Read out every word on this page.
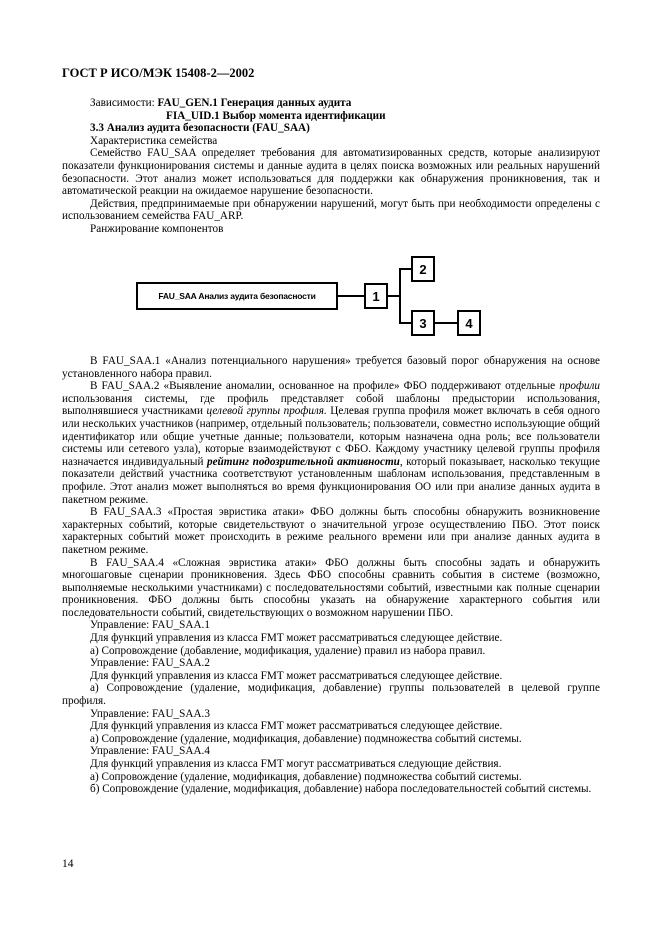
ГОСТ Р ИСО/МЭК 15408-2—2002

Зависимости: FAU_GEN.1 Генерация данных аудита

FIA_UID.1 Выбор момента идентификации

3.3 Анализ аудита безопасности (FAU_SAA)

Характеристика семейства

Семейство FAU_SAA определяет требования для автоматизированных средств, которые анализируют показатели функционирования системы и данные аудита в целях поиска возможных или реальных нарушений безопасности. Этот анализ может использоваться для поддержки как обнаружения проникновения, так и автоматической реакции на ожидаемое нарушение безопасности.

Действия, предпринимаемые при обнаружении нарушений, могут быть при необходимости определены с использованием семейства FAU_ARP.

Ранжирование компонентов

FAU_SAA Анализ аудита безопасности	1
2
3	4

В FAU_SAA.1 «Анализ потенциального нарушения» требуется базовый порог обнаружения на основе установленного набора правил.

В FAU_SAA.2 «Выявление аномалии, основанное на профиле» ФБО поддерживают отдельные профили использования системы, где профиль представляет собой шаблоны предыстории использования, выполнявшиеся участниками целевой группы профиля. Целевая группа профиля может включать в себя одного или нескольких участников (например, отдельный пользователь; пользователи, совместно использующие общий идентификатор или общие учетные данные; пользователи, которым назначена одна роль; все пользователи системы или сетевого узла), которые взаимодействуют с ФБО. Каждому участнику целевой группы профиля назначается индивидуальный рейтинг подозрительной активности, который показывает, насколько текущие показатели действий участника соответствуют установленным шаблонам использования, представленным в профиле. Этот анализ может выполняться во время функционирования ОО или при анализе данных аудита в пакетном режиме.

В FAU_SAA.3 «Простая эвристика атаки» ФБО должны быть способны обнаружить возникновение характерных событий, которые свидетельствуют о значительной угрозе осуществлению ПБО. Этот поиск характерных событий может происходить в режиме реального времени или при анализе данных аудита в пакетном режиме.

В FAU_SAA.4 «Сложная эвристика атаки» ФБО должны быть способны задать и обнаружить многошаговые сценарии проникновения. Здесь ФБО способны сравнить события в системе (возможно, выполняемые несколькими участниками) с последовательностями событий, известными как полные сценарии проникновения. ФБО должны быть способны указать на обнаружение характерного события или последовательности событий, свидетельствующих о возможном нарушении ПБО.

Управление: FAU_SAA.1

Для функций управления из класса FMT может рассматриваться следующее действие.

а) Сопровождение (добавление, модификация, удаление) правил из набора правил.

Управление: FAU_SAA.2

Для функций управления из класса FMT может рассматриваться следующее действие.

а) Сопровождение (удаление, модификация, добавление) группы пользователей в целевой группе профиля.

Управление: FAU_SAA.3

Для функций управления из класса FMT может рассматриваться следующее действие.

а) Сопровождение (удаление, модификация, добавление) подмножества событий системы.

Управление: FAU_SAA.4

Для функций управления из класса FMT могут рассматриваться следующие действия.

а) Сопровождение (удаление, модификация, добавление) подмножества событий системы.

б) Сопровождение (удаление, модификация, добавление) набора последовательностей событий системы.

14
